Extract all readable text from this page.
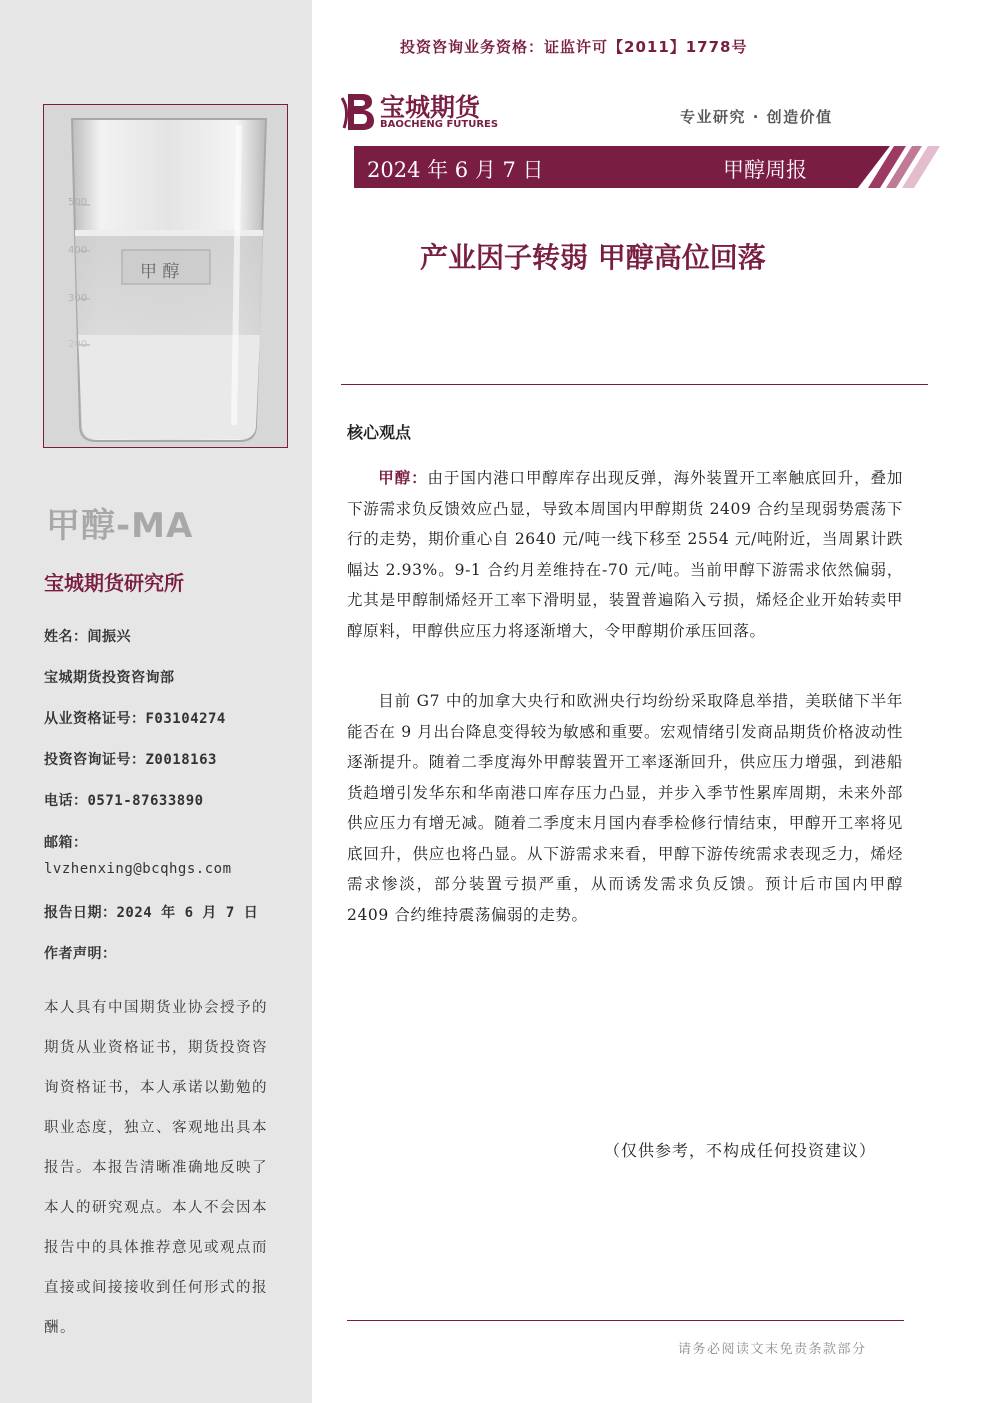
甲 醇
500
400
300
200
甲醇-MA
宝城期货研究所
姓名：闾振兴
宝城期货投资咨询部
从业资格证号：F03104274
投资咨询证号：Z0018163
电话：0571-87633890
邮箱：
lvzhenxing@bcqhgs.com
报告日期：2024 年 6 月 7 日
作者声明：
本人具有中国期货业协会授予的期货从业资格证书，期货投资咨询资格证书，本人承诺以勤勉的职业态度，独立、客观地出具本报告。本报告清晰准确地反映了本人的研究观点。本人不会因本报告中的具体推荐意见或观点而直接或间接接收到任何形式的报酬。
投资咨询业务资格：证监许可【2011】1778号
宝城期货
BAOCHENG FUTURES	专业研究 · 创造价值
2024 年 6 月 7 日	甲醇周报
产业因子转弱 甲醇高位回落
核心观点
甲醇：由于国内港口甲醇库存出现反弹，海外装置开工率触底回升，叠加下游需求负反馈效应凸显，导致本周国内甲醇期货 2409 合约呈现弱势震荡下行的走势，期价重心自 2640 元/吨一线下移至 2554 元/吨附近，当周累计跌幅达 2.93%。9-1 合约月差维持在-70 元/吨。当前甲醇下游需求依然偏弱，尤其是甲醇制烯烃开工率下滑明显，装置普遍陷入亏损，烯烃企业开始转卖甲醇原料，甲醇供应压力将逐渐增大，令甲醇期价承压回落。
目前 G7 中的加拿大央行和欧洲央行均纷纷采取降息举措，美联储下半年能否在 9 月出台降息变得较为敏感和重要。宏观情绪引发商品期货价格波动性逐渐提升。随着二季度海外甲醇装置开工率逐渐回升，供应压力增强，到港船货趋增引发华东和华南港口库存压力凸显，并步入季节性累库周期，未来外部供应压力有增无减。随着二季度末月国内春季检修行情结束，甲醇开工率将见底回升，供应也将凸显。从下游需求来看，甲醇下游传统需求表现乏力，烯烃需求惨淡，部分装置亏损严重，从而诱发需求负反馈。预计后市国内甲醇 2409 合约维持震荡偏弱的走势。
（仅供参考，不构成任何投资建议）
请务必阅读文末免责条款部分
